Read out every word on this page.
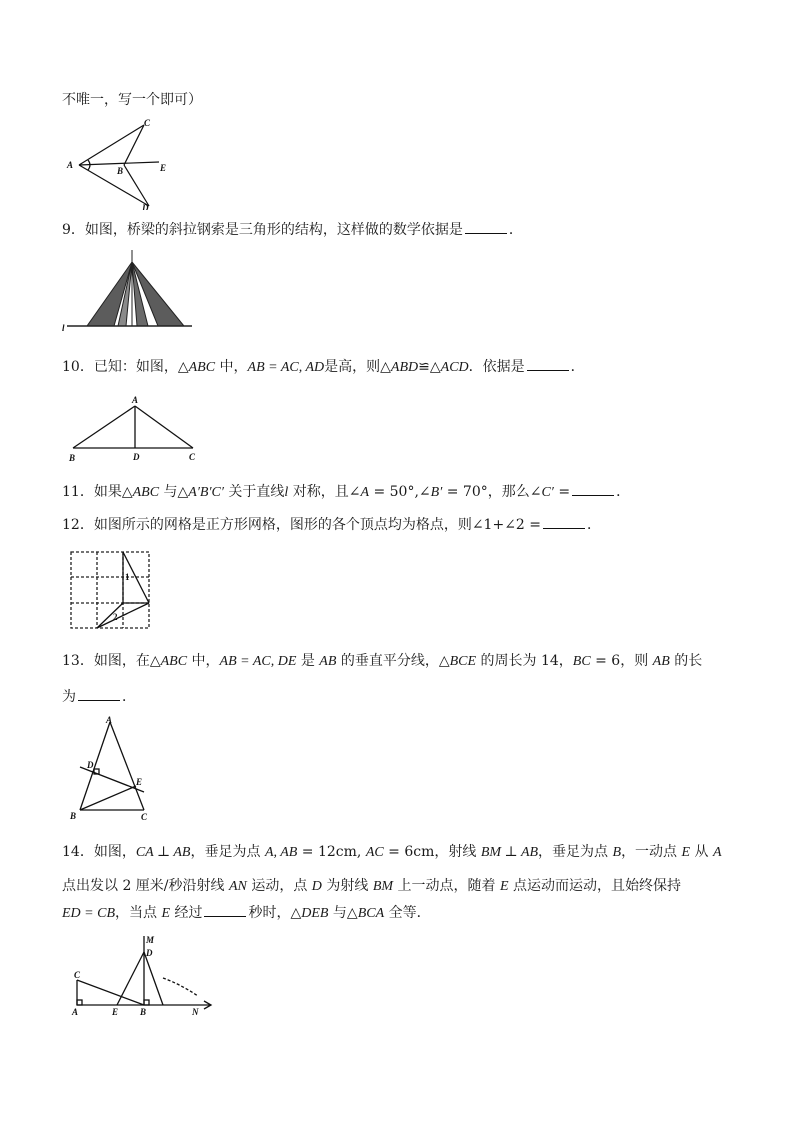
不唯一，写一个即可）
A
B
C
D
E
9．如图，桥梁的斜拉钢索是三角形的结构，这样做的数学依据是	．
l
10．已知：如图，△ABC 中，AB = AC, AD是高，则△ABD≌△ACD．依据是	．
A
B	C
D
11．如果△ABC 与△A′B′C′ 关于直线l 对称，且∠A = 50°,∠B′ = 70°，那么∠C′ =	．
12．如图所示的网格是正方形网格，图形的各个顶点均为格点，则∠1+∠2 =	．
1
2
13．如图，在△ABC 中，AB = AC, DE 是 AB 的垂直平分线，△BCE 的周长为 14，BC = 6，则 AB 的长
为	．
A
B	C
D
E
14．如图，CA ⊥ AB，垂足为点 A, AB = 12cm, AC = 6cm，射线 BM ⊥ AB，垂足为点 B，一动点 E 从 A
点出发以 2 厘米/秒沿射线 AN 运动，点 D 为射线 BM 上一动点，随着 E 点运动而运动，且始终保持
ED = CB，当点 E 经过	秒时，△DEB 与△BCA 全等．
C
A	E B
M
D
N
